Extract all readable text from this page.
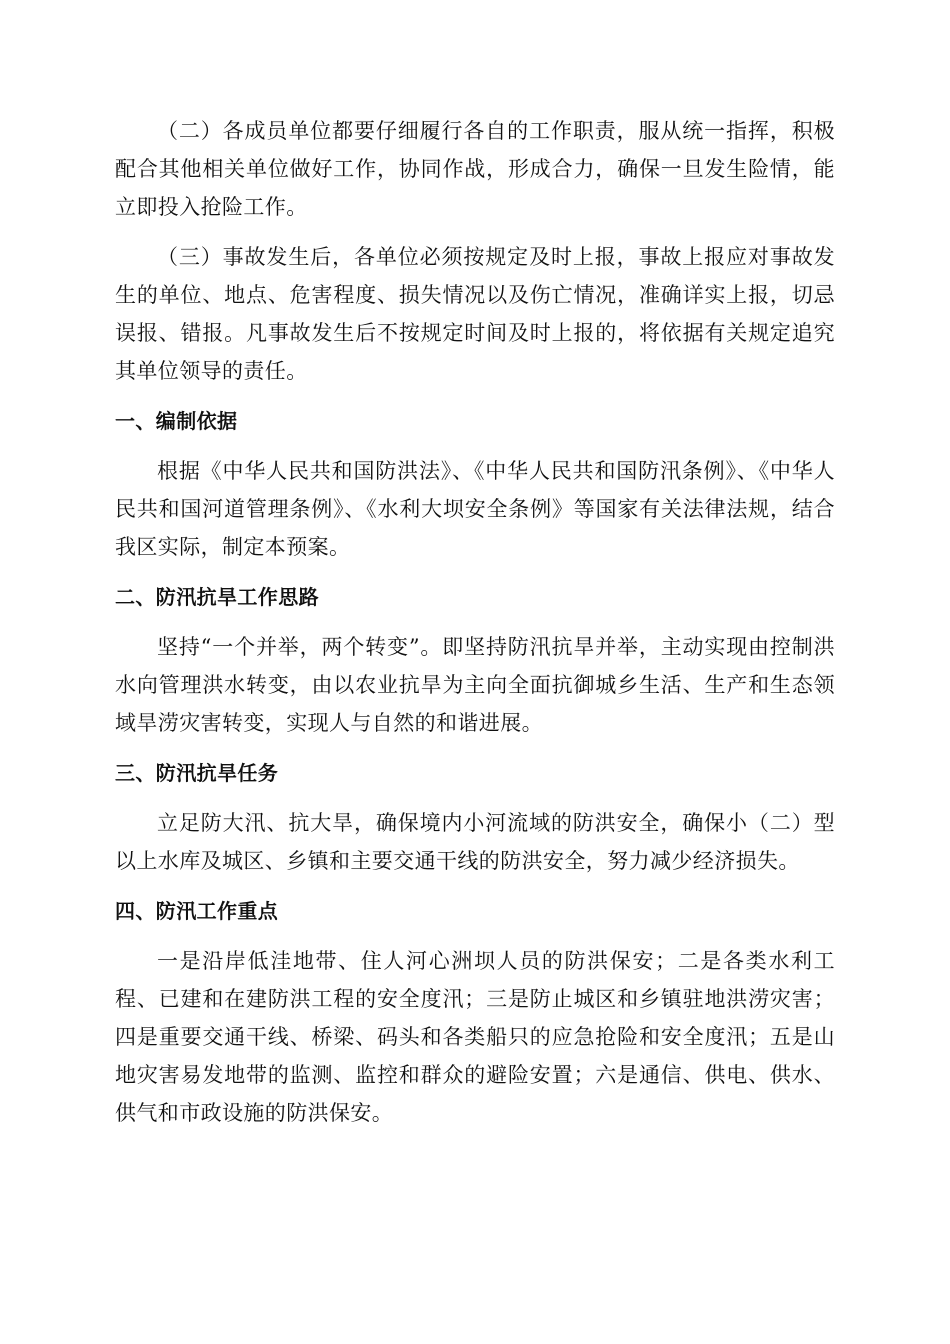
（二）各成员单位都要仔细履行各自的工作职责，服从统一指挥，积极配合其他相关单位做好工作，协同作战，形成合力，确保一旦发生险情，能立即投入抢险工作。

（三）事故发生后，各单位必须按规定及时上报，事故上报应对事故发生的单位、地点、危害程度、损失情况以及伤亡情况，准确详实上报，切忌误报、错报。凡事故发生后不按规定时间及时上报的，将依据有关规定追究其单位领导的责任。

一、编制依据

根据《中华人民共和国防洪法》、《中华人民共和国防汛条例》、《中华人民共和国河道管理条例》、《水利大坝安全条例》等国家有关法律法规，结合我区实际，制定本预案。

二、防汛抗旱工作思路

坚持“一个并举，两个转变”。即坚持防汛抗旱并举，主动实现由控制洪水向管理洪水转变，由以农业抗旱为主向全面抗御城乡生活、生产和生态领域旱涝灾害转变，实现人与自然的和谐进展。

三、防汛抗旱任务

立足防大汛、抗大旱，确保境内小河流域的防洪安全，确保小（二）型以上水库及城区、乡镇和主要交通干线的防洪安全，努力减少经济损失。

四、防汛工作重点

一是沿岸低洼地带、住人河心洲坝人员的防洪保安；二是各类水利工程、已建和在建防洪工程的安全度汛；三是防止城区和乡镇驻地洪涝灾害；四是重要交通干线、桥梁、码头和各类船只的应急抢险和安全度汛；五是山地灾害易发地带的监测、监控和群众的避险安置；六是通信、供电、供水、供气和市政设施的防洪保安。
